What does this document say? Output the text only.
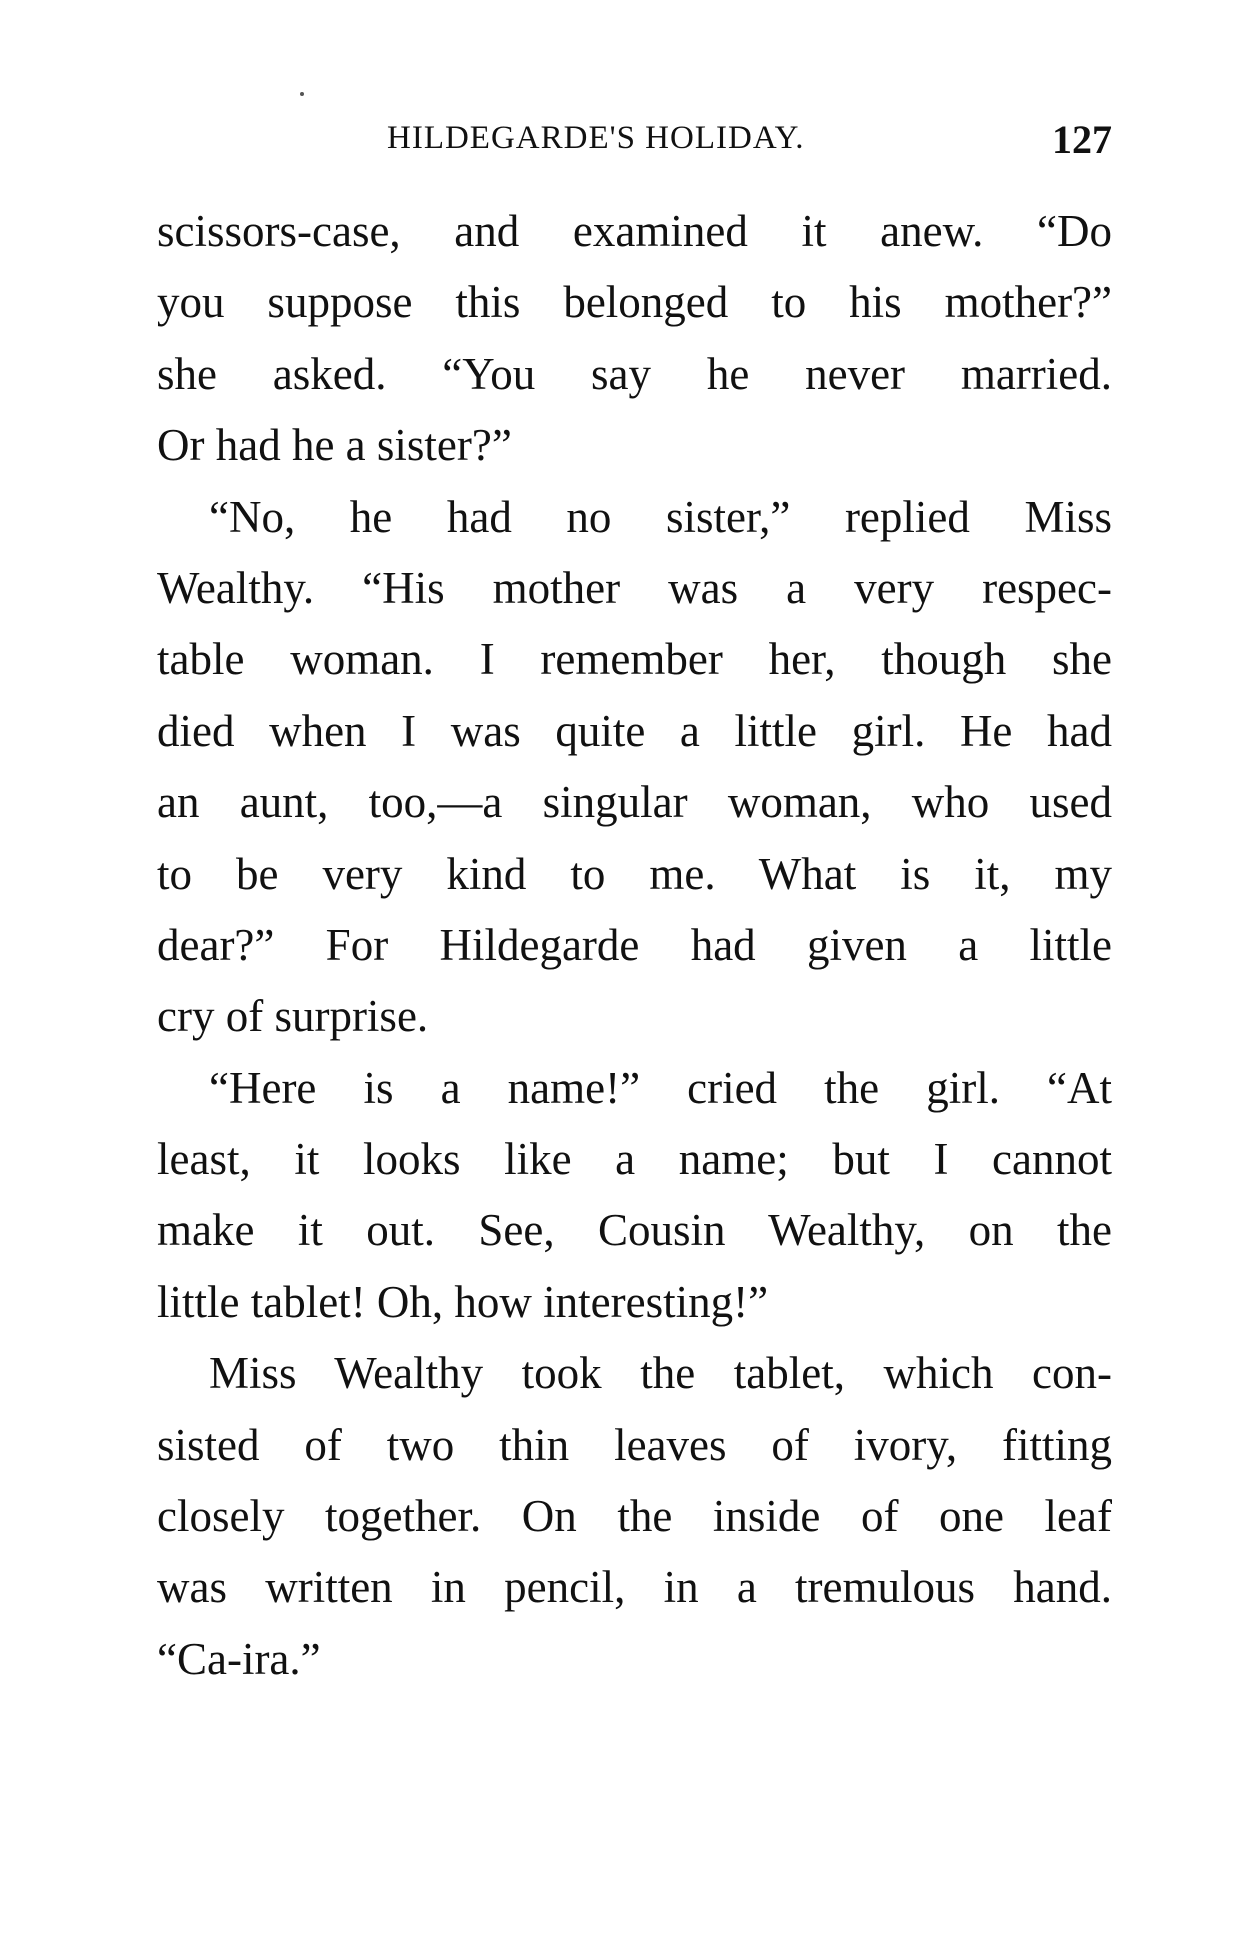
HILDEGARDE'S HOLIDAY.	127
scissors-case, and examined it anew. “Do
you suppose this belonged to his mother?”
she asked. “You say he never married.
Or had he a sister?”
“No, he had no sister,” replied Miss
Wealthy. “His mother was a very respec-
table woman. I remember her, though she
died when I was quite a little girl. He had
an aunt, too,—a singular woman, who used
to be very kind to me. What is it, my
dear?” For Hildegarde had given a little
cry of surprise.
“Here is a name!” cried the girl. “At
least, it looks like a name; but I cannot
make it out. See, Cousin Wealthy, on the
little tablet! Oh, how interesting!”
Miss Wealthy took the tablet, which con-
sisted of two thin leaves of ivory, fitting
closely together. On the inside of one leaf
was written in pencil, in a tremulous hand.
“Ca-ira.”
